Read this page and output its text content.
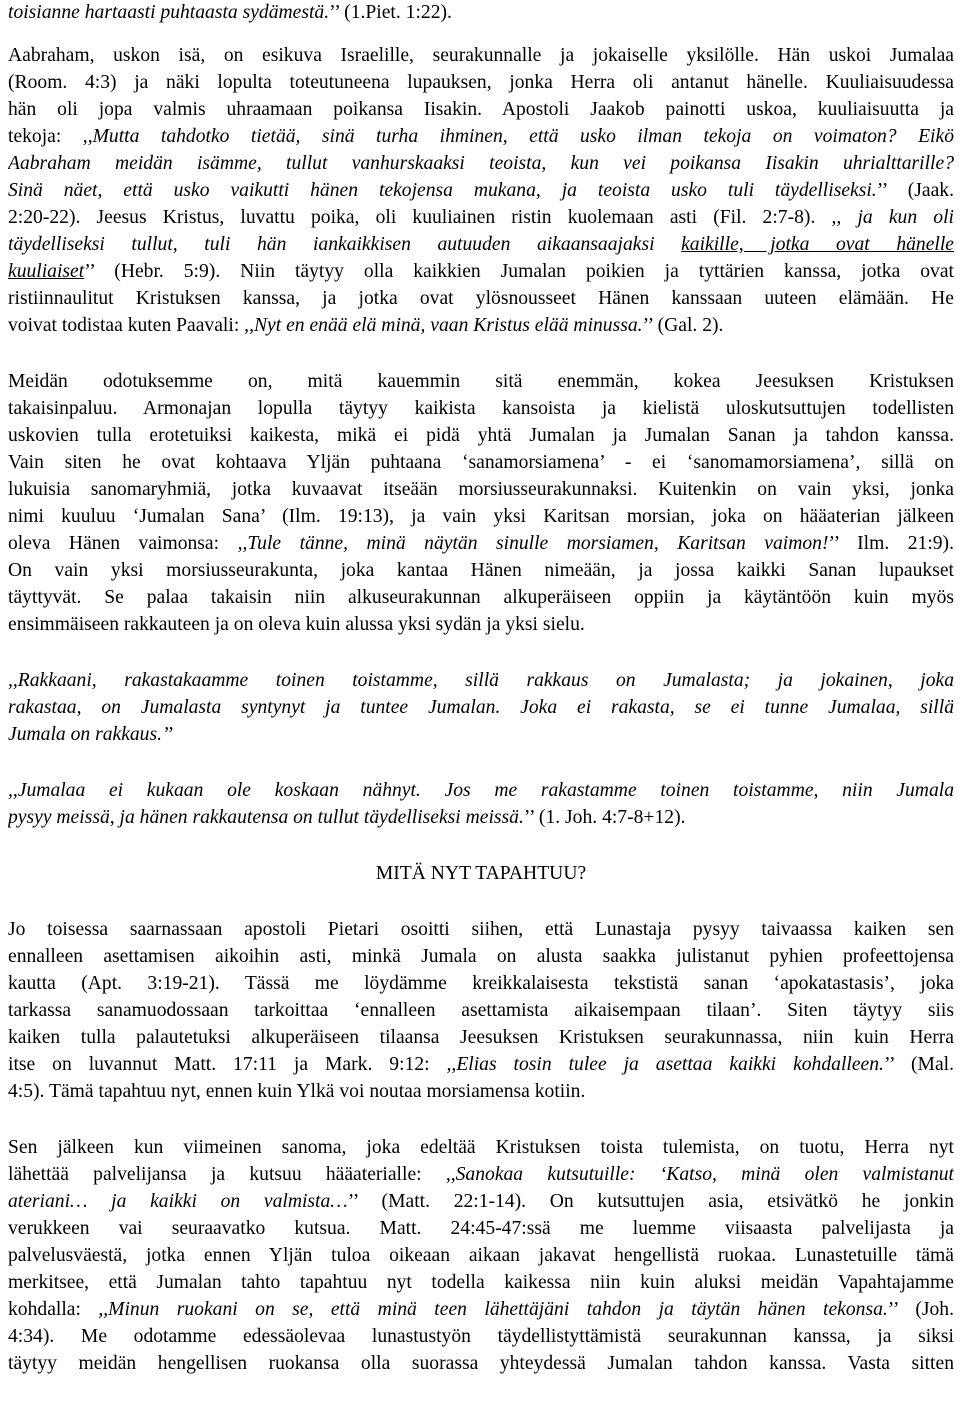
toisianne hartaasti puhtaasta sydämestä.’’ (1.Piet. 1:22).
Aabraham, uskon isä, on esikuva Israelille, seurakunnalle ja jokaiselle yksilölle. Hän uskoi Jumalaa
(Room. 4:3) ja näki lopulta toteutuneena lupauksen, jonka Herra oli antanut hänelle. Kuuliaisuudessa
hän oli jopa valmis uhraamaan poikansa Iisakin. Apostoli Jaakob painotti uskoa, kuuliaisuutta ja
tekoja: ,,Mutta tahdotko tietää, sinä turha ihminen, että usko ilman tekoja on voimaton? Eikö
Aabraham meidän isämme, tullut vanhurskaaksi teoista, kun vei poikansa Iisakin uhrialttarille?
Sinä näet, että usko vaikutti hänen tekojensa mukana, ja teoista usko tuli täydelliseksi.’’ (Jaak.
2:20-22). Jeesus Kristus, luvattu poika, oli kuuliainen ristin kuolemaan asti (Fil. 2:7-8). ,, ja kun oli
täydelliseksi tullut, tuli hän iankaikkisen autuuden aikaansaajaksi kaikille, jotka ovat hänelle
kuuliaiset’’ (Hebr. 5:9). Niin täytyy olla kaikkien Jumalan poikien ja tyttärien kanssa, jotka ovat
ristiinnaulitut Kristuksen kanssa, ja jotka ovat ylösnousseet Hänen kanssaan uuteen elämään. He
voivat todistaa kuten Paavali: ,,Nyt en enää elä minä, vaan Kristus elää minussa.’’ (Gal. 2).
Meidän odotuksemme on, mitä kauemmin sitä enemmän, kokea Jeesuksen Kristuksen
takaisinpaluu. Armonajan lopulla täytyy kaikista kansoista ja kielistä uloskutsuttujen todellisten
uskovien tulla erotetuiksi kaikesta, mikä ei pidä yhtä Jumalan ja Jumalan Sanan ja tahdon kanssa.
Vain siten he ovat kohtaava Yljän puhtaana ‘sanamorsiamena’ - ei ‘sanomamorsiamena’, sillä on
lukuisia sanomaryhmiä, jotka kuvaavat itseään morsiusseurakunnaksi. Kuitenkin on vain yksi, jonka
nimi kuuluu ‘Jumalan Sana’ (Ilm. 19:13), ja vain yksi Karitsan morsian, joka on hääaterian jälkeen
oleva Hänen vaimonsa: ,,Tule tänne, minä näytän sinulle morsiamen, Karitsan vaimon!’’ Ilm. 21:9).
On vain yksi morsiusseurakunta, joka kantaa Hänen nimeään, ja jossa kaikki Sanan lupaukset
täyttyvät. Se palaa takaisin niin alkuseurakunnan alkuperäiseen oppiin ja käytäntöön kuin myös
ensimmäiseen rakkauteen ja on oleva kuin alussa yksi sydän ja yksi sielu.
,,Rakkaani, rakastakaamme toinen toistamme, sillä rakkaus on Jumalasta; ja jokainen, joka
rakastaa, on Jumalasta syntynyt ja tuntee Jumalan. Joka ei rakasta, se ei tunne Jumalaa, sillä
Jumala on rakkaus.’’
,,Jumalaa ei kukaan ole koskaan nähnyt. Jos me rakastamme toinen toistamme, niin Jumala
pysyy meissä, ja hänen rakkautensa on tullut täydelliseksi meissä.’’ (1. Joh. 4:7-8+12).
MITÄ NYT TAPAHTUU?
Jo toisessa saarnassaan apostoli Pietari osoitti siihen, että Lunastaja pysyy taivaassa kaiken sen
ennalleen asettamisen aikoihin asti, minkä Jumala on alusta saakka julistanut pyhien profeettojensa
kautta (Apt. 3:19-21). Tässä me löydämme kreikkalaisesta tekstistä sanan ‘apokatastasis’, joka
tarkassa sanamuodossaan tarkoittaa ‘ennalleen asettamista aikaisempaan tilaan’. Siten täytyy siis
kaiken tulla palautetuksi alkuperäiseen tilaansa Jeesuksen Kristuksen seurakunnassa, niin kuin Herra
itse on luvannut Matt. 17:11 ja Mark. 9:12: ,,Elias tosin tulee ja asettaa kaikki kohdalleen.’’ (Mal.
4:5). Tämä tapahtuu nyt, ennen kuin Ylkä voi noutaa morsiamensa kotiin.
Sen jälkeen kun viimeinen sanoma, joka edeltää Kristuksen toista tulemista, on tuotu, Herra nyt
lähettää palvelijansa ja kutsuu hääaterialle: ,,Sanokaa kutsutuille: ‘Katso, minä olen valmistanut
ateriani… ja kaikki on valmista…’’ (Matt. 22:1-14). On kutsuttujen asia, etsivätkö he jonkin
verukkeen vai seuraavatko kutsua. Matt. 24:45-47:ssä me luemme viisaasta palvelijasta ja
palvelusväestä, jotka ennen Yljän tuloa oikeaan aikaan jakavat hengellistä ruokaa. Lunastetuille tämä
merkitsee, että Jumalan tahto tapahtuu nyt todella kaikessa niin kuin aluksi meidän Vapahtajamme
kohdalla: ,,Minun ruokani on se, että minä teen lähettäjäni tahdon ja täytän hänen tekonsa.’’ (Joh.
4:34). Me odotamme edessäolevaa lunastustyön täydellistyttämistä seurakunnan kanssa, ja siksi
täytyy meidän hengellisen ruokansa olla suorassa yhteydessä Jumalan tahdon kanssa. Vasta sitten
